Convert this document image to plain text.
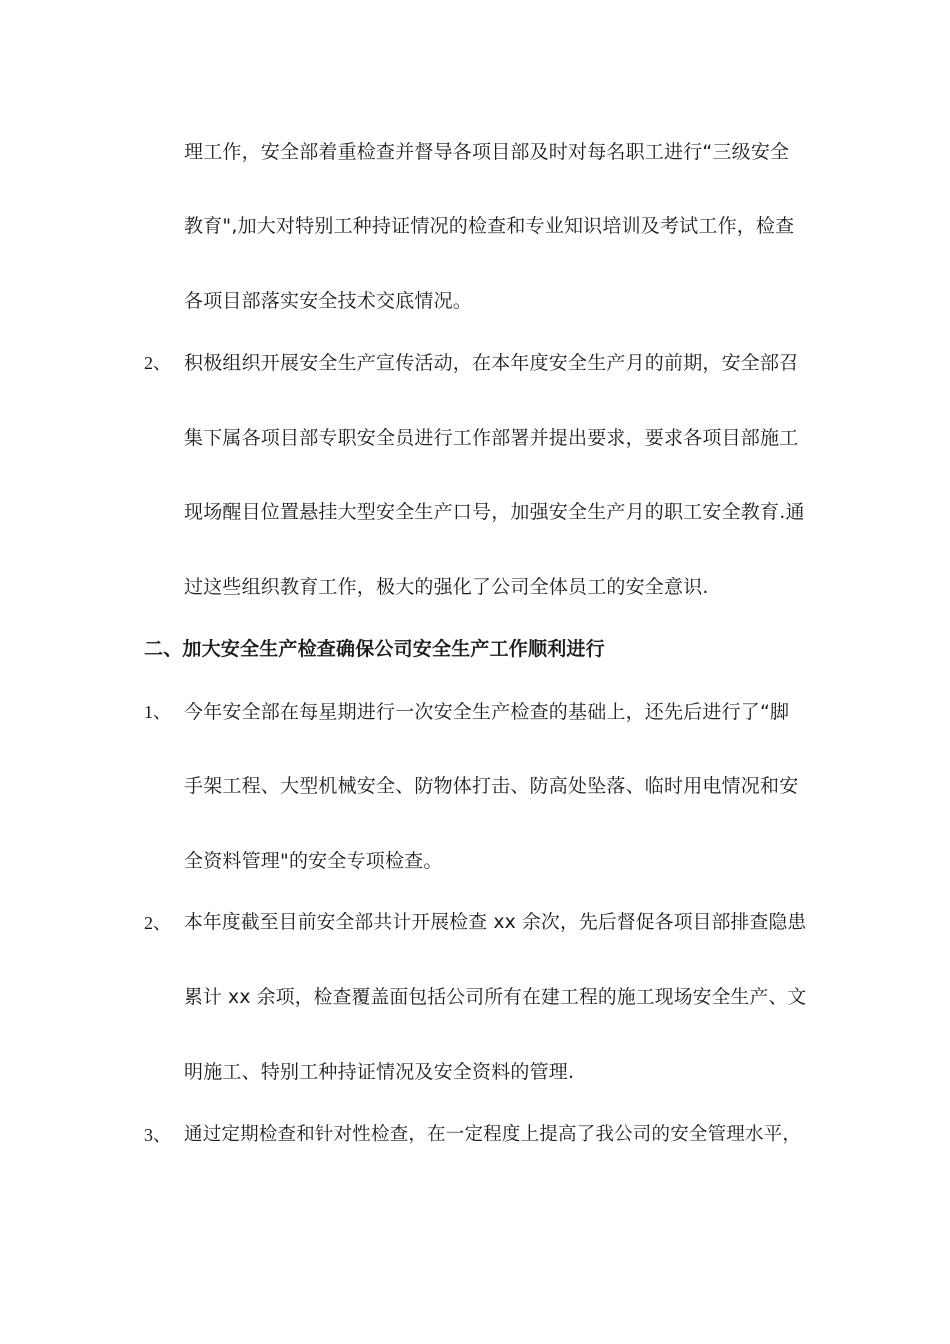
理工作，安全部着重检查并督导各项目部及时对每名职工进行“三级安全
教育",加大对特别工种持证情况的检查和专业知识培训及考试工作，检查
各项目部落实安全技术交底情况。
2、 积极组织开展安全生产宣传活动，在本年度安全生产月的前期，安全部召
集下属各项目部专职安全员进行工作部署并提出要求，要求各项目部施工
现场醒目位置悬挂大型安全生产口号，加强安全生产月的职工安全教育.通
过这些组织教育工作，极大的强化了公司全体员工的安全意识.
二、加大安全生产检查确保公司安全生产工作顺利进行
1、 今年安全部在每星期进行一次安全生产检查的基础上，还先后进行了“脚
手架工程、大型机械安全、防物体打击、防高处坠落、临时用电情况和安
全资料管理"的安全专项检查。
2、 本年度截至目前安全部共计开展检查 xx 余次，先后督促各项目部排查隐患
累计 xx 余项，检查覆盖面包括公司所有在建工程的施工现场安全生产、文
明施工、特别工种持证情况及安全资料的管理.
3、 通过定期检查和针对性检查，在一定程度上提高了我公司的安全管理水平，
